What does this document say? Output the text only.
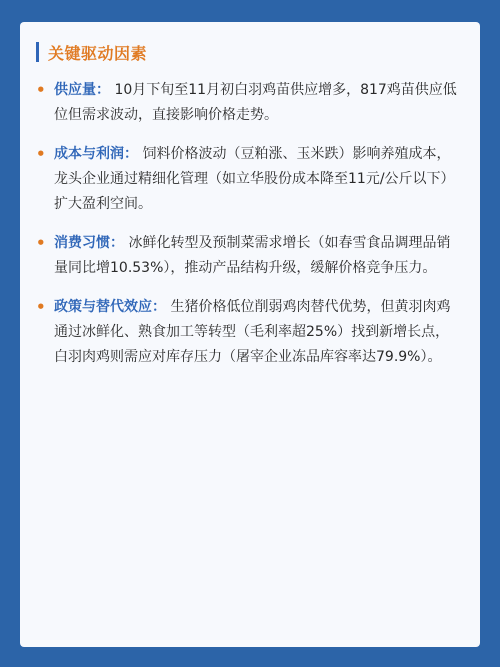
关键驱动因素
• 供应量： 10月下旬至11月初白羽鸡苗供应增多，817鸡苗供应低位但需求波动，直接影响价格走势。
• 成本与利润： 饲料价格波动（豆粕涨、玉米跌）影响养殖成本，龙头企业通过精细化管理（如立华股份成本降至11元/公斤以下）扩大盈利空间。
• 消费习惯： 冰鲜化转型及预制菜需求增长（如春雪食品调理品销量同比增10.53%），推动产品结构升级，缓解价格竞争压力。
• 政策与替代效应： 生猪价格低位削弱鸡肉替代优势，但黄羽肉鸡通过冰鲜化、熟食加工等转型（毛利率超25%）找到新增长点，白羽肉鸡则需应对库存压力（屠宰企业冻品库容率达79.9%）。
